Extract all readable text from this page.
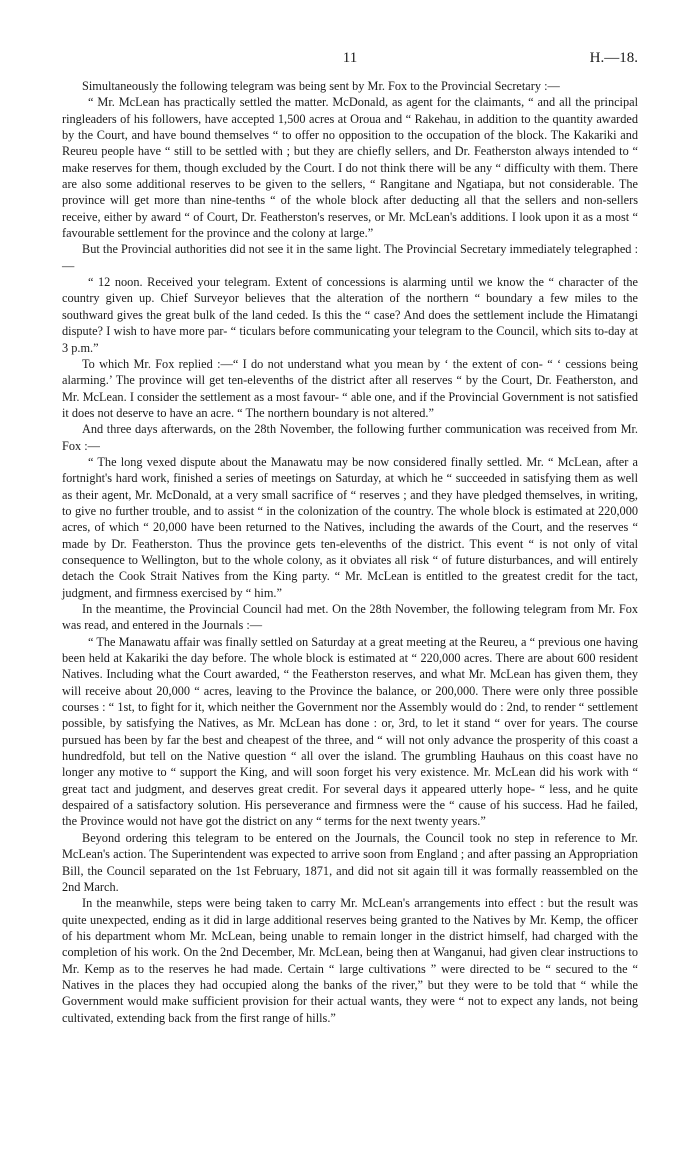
11	H.—18.

Simultaneously the following telegram was being sent by Mr. Fox to the Provincial Secretary :—

“ Mr. McLean has practically settled the matter. McDonald, as agent for the claimants, “ and all the principal ringleaders of his followers, have accepted 1,500 acres at Oroua and “ Rakehau, in addition to the quantity awarded by the Court, and have bound themselves “ to offer no opposition to the occupation of the block. The Kakariki and Reureu people have “ still to be settled with ; but they are chiefly sellers, and Dr. Featherston always intended to “ make reserves for them, though excluded by the Court. I do not think there will be any “ difficulty with them. There are also some additional reserves to be given to the sellers, “ Rangitane and Ngatiapa, but not considerable. The province will get more than nine-tenths “ of the whole block after deducting all that the sellers and non-sellers receive, either by award “ of Court, Dr. Featherston's reserves, or Mr. McLean's additions. I look upon it as a most “ favourable settlement for the province and the colony at large.”

But the Provincial authorities did not see it in the same light. The Provincial Secretary immediately telegraphed :—

“ 12 noon. Received your telegram. Extent of concessions is alarming until we know the “ character of the country given up. Chief Surveyor believes that the alteration of the northern “ boundary a few miles to the southward gives the great bulk of the land ceded. Is this the “ case? And does the settlement include the Himatangi dispute? I wish to have more par- “ ticulars before communicating your telegram to the Council, which sits to-day at 3 p.m.”

To which Mr. Fox replied :—“ I do not understand what you mean by ‘ the extent of con- “ ‘ cessions being alarming.’ The province will get ten-elevenths of the district after all reserves “ by the Court, Dr. Featherston, and Mr. McLean. I consider the settlement as a most favour- “ able one, and if the Provincial Government is not satisfied it does not deserve to have an acre. “ The northern boundary is not altered.”

And three days afterwards, on the 28th November, the following further communication was received from Mr. Fox :—

“ The long vexed dispute about the Manawatu may be now considered finally settled. Mr. “ McLean, after a fortnight's hard work, finished a series of meetings on Saturday, at which he “ succeeded in satisfying them as well as their agent, Mr. McDonald, at a very small sacrifice of “ reserves ; and they have pledged themselves, in writing, to give no further trouble, and to assist “ in the colonization of the country. The whole block is estimated at 220,000 acres, of which “ 20,000 have been returned to the Natives, including the awards of the Court, and the reserves “ made by Dr. Featherston. Thus the province gets ten-elevenths of the district. This event “ is not only of vital consequence to Wellington, but to the whole colony, as it obviates all risk “ of future disturbances, and will entirely detach the Cook Strait Natives from the King party. “ Mr. McLean is entitled to the greatest credit for the tact, judgment, and firmness exercised by “ him.”

In the meantime, the Provincial Council had met. On the 28th November, the following telegram from Mr. Fox was read, and entered in the Journals :—

“ The Manawatu affair was finally settled on Saturday at a great meeting at the Reureu, a “ previous one having been held at Kakariki the day before. The whole block is estimated at “ 220,000 acres. There are about 600 resident Natives. Including what the Court awarded, “ the Featherston reserves, and what Mr. McLean has given them, they will receive about 20,000 “ acres, leaving to the Province the balance, or 200,000. There were only three possible courses : “ 1st, to fight for it, which neither the Government nor the Assembly would do : 2nd, to render “ settlement possible, by satisfying the Natives, as Mr. McLean has done : or, 3rd, to let it stand “ over for years. The course pursued has been by far the best and cheapest of the three, and “ will not only advance the prosperity of this coast a hundredfold, but tell on the Native question “ all over the island. The grumbling Hauhaus on this coast have no longer any motive to “ support the King, and will soon forget his very existence. Mr. McLean did his work with “ great tact and judgment, and deserves great credit. For several days it appeared utterly hope- “ less, and he quite despaired of a satisfactory solution. His perseverance and firmness were the “ cause of his success. Had he failed, the Province would not have got the district on any “ terms for the next twenty years.”

Beyond ordering this telegram to be entered on the Journals, the Council took no step in reference to Mr. McLean's action. The Superintendent was expected to arrive soon from England ; and after passing an Appropriation Bill, the Council separated on the 1st February, 1871, and did not sit again till it was formally reassembled on the 2nd March.

In the meanwhile, steps were being taken to carry Mr. McLean's arrangements into effect : but the result was quite unexpected, ending as it did in large additional reserves being granted to the Natives by Mr. Kemp, the officer of his department whom Mr. McLean, being unable to remain longer in the district himself, had charged with the completion of his work. On the 2nd December, Mr. McLean, being then at Wanganui, had given clear instructions to Mr. Kemp as to the reserves he had made. Certain “ large cultivations ” were directed to be “ secured to the “ Natives in the places they had occupied along the banks of the river,” but they were to be told that “ while the Government would make sufficient provision for their actual wants, they were “ not to expect any lands, not being cultivated, extending back from the first range of hills.”
